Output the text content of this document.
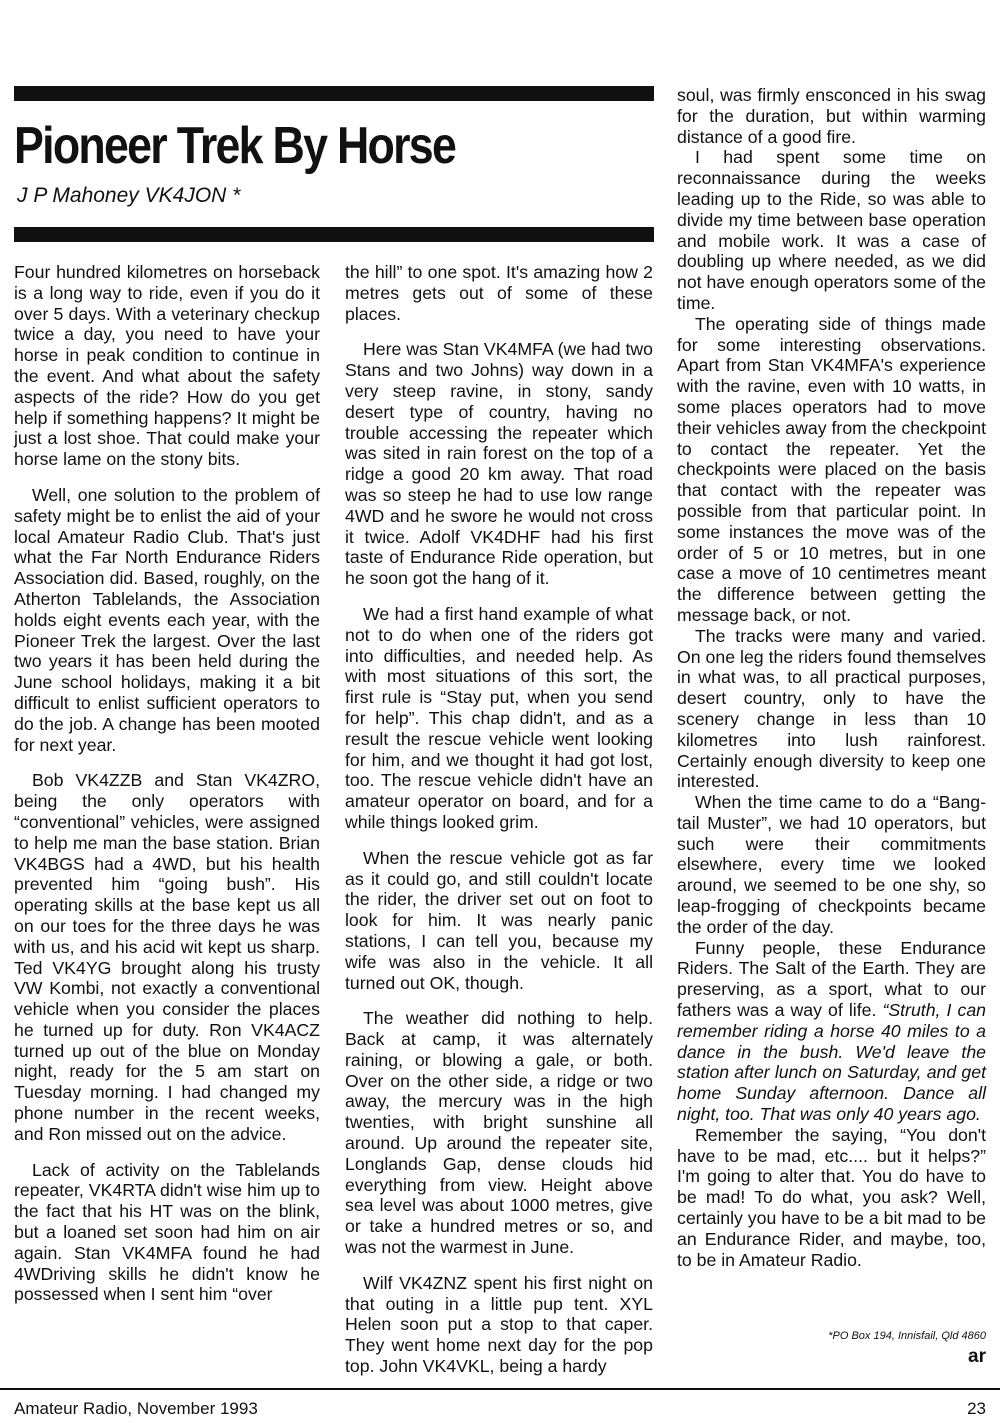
Pioneer Trek By Horse

J P Mahoney VK4JON *

Four hundred kilometres on horseback is a long way to ride, even if you do it over 5 days. With a veterinary checkup twice a day, you need to have your horse in peak condition to continue in the event. And what about the safety aspects of the ride? How do you get help if something happens? It might be just a lost shoe. That could make your horse lame on the stony bits.

Well, one solution to the problem of safety might be to enlist the aid of your local Amateur Radio Club. That's just what the Far North Endurance Riders Association did. Based, roughly, on the Atherton Tablelands, the Association holds eight events each year, with the Pioneer Trek the largest. Over the last two years it has been held during the June school holidays, making it a bit difficult to enlist sufficient operators to do the job. A change has been mooted for next year.

Bob VK4ZZB and Stan VK4ZRO, being the only operators with “conventional” vehicles, were assigned to help me man the base station. Brian VK4BGS had a 4WD, but his health prevented him “going bush”. His operating skills at the base kept us all on our toes for the three days he was with us, and his acid wit kept us sharp. Ted VK4YG brought along his trusty VW Kombi, not exactly a conventional vehicle when you consider the places he turned up for duty. Ron VK4ACZ turned up out of the blue on Monday night, ready for the 5 am start on Tuesday morning. I had changed my phone number in the recent weeks, and Ron missed out on the advice.

Lack of activity on the Tablelands repeater, VK4RTA didn't wise him up to the fact that his HT was on the blink, but a loaned set soon had him on air again. Stan VK4MFA found he had 4WDriving skills he didn't know he possessed when I sent him “over

the hill” to one spot. It's amazing how 2 metres gets out of some of these places.

Here was Stan VK4MFA (we had two Stans and two Johns) way down in a very steep ravine, in stony, sandy desert type of country, having no trouble accessing the repeater which was sited in rain forest on the top of a ridge a good 20 km away. That road was so steep he had to use low range 4WD and he swore he would not cross it twice. Adolf VK4DHF had his first taste of Endurance Ride operation, but he soon got the hang of it.

We had a first hand example of what not to do when one of the riders got into difficulties, and needed help. As with most situations of this sort, the first rule is “Stay put, when you send for help”. This chap didn't, and as a result the rescue vehicle went looking for him, and we thought it had got lost, too. The rescue vehicle didn't have an amateur operator on board, and for a while things looked grim.

When the rescue vehicle got as far as it could go, and still couldn't locate the rider, the driver set out on foot to look for him. It was nearly panic stations, I can tell you, because my wife was also in the vehicle. It all turned out OK, though.

The weather did nothing to help. Back at camp, it was alternately raining, or blowing a gale, or both. Over on the other side, a ridge or two away, the mercury was in the high twenties, with bright sunshine all around. Up around the repeater site, Longlands Gap, dense clouds hid everything from view. Height above sea level was about 1000 metres, give or take a hundred metres or so, and was not the warmest in June.

Wilf VK4ZNZ spent his first night on that outing in a little pup tent. XYL Helen soon put a stop to that caper. They went home next day for the pop top. John VK4VKL, being a hardy

soul, was firmly ensconced in his swag for the duration, but within warming distance of a good fire.

I had spent some time on reconnaissance during the weeks leading up to the Ride, so was able to divide my time between base operation and mobile work. It was a case of doubling up where needed, as we did not have enough operators some of the time.

The operating side of things made for some interesting observations. Apart from Stan VK4MFA's experience with the ravine, even with 10 watts, in some places operators had to move their vehicles away from the checkpoint to contact the repeater. Yet the checkpoints were placed on the basis that contact with the repeater was possible from that particular point. In some instances the move was of the order of 5 or 10 metres, but in one case a move of 10 centimetres meant the difference between getting the message back, or not.

The tracks were many and varied. On one leg the riders found themselves in what was, to all practical purposes, desert country, only to have the scenery change in less than 10 kilometres into lush rainforest. Certainly enough diversity to keep one interested.

When the time came to do a “Bang-tail Muster”, we had 10 operators, but such were their commitments elsewhere, every time we looked around, we seemed to be one shy, so leap-frogging of checkpoints became the order of the day.

Funny people, these Endurance Riders. The Salt of the Earth. They are preserving, as a sport, what to our fathers was a way of life. “Struth, I can remember riding a horse 40 miles to a dance in the bush. We'd leave the station after lunch on Saturday, and get home Sunday afternoon. Dance all night, too. That was only 40 years ago.

Remember the saying, “You don't have to be mad, etc.... but it helps?” I'm going to alter that. You do have to be mad! To do what, you ask? Well, certainly you have to be a bit mad to be an Endurance Rider, and maybe, too, to be in Amateur Radio.

*PO Box 194, Innisfail, Qld 4860

ar

Amateur Radio, November 1993	23
